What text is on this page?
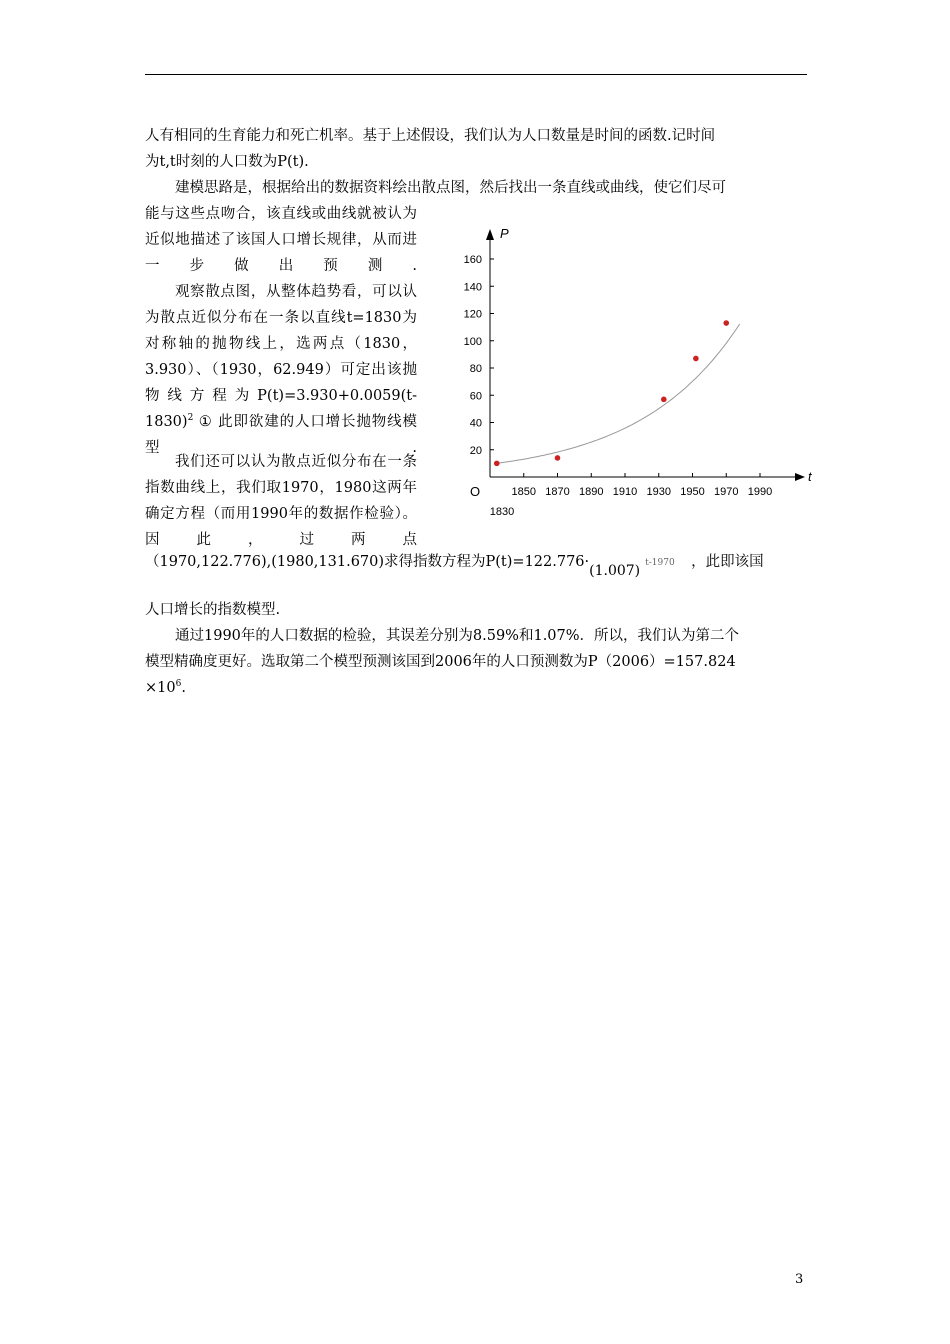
人有相同的生育能力和死亡机率。基于上述假设，我们认为人口数量是时间的函数.记时间

为t,t时刻的人口数为P(t).

建模思路是，根据给出的数据资料绘出散点图，然后找出一条直线或曲线，使它们尽可

能与这些点吻合，该直线或曲线就被认为近似地描述了该国人口增长规律，从而进一步做出预测.

观察散点图，从整体趋势看，可以认为散点近似分布在一条以直线t=1830为对称轴的抛物线上，选两点（1830，3.930）、（1930，62.949）可定出该抛物线方程为$P(t)=3.930+0.0059(t-1830)^2$ ① 此即欲建的人口增长抛物线模型.

我们还可以认为散点近似分布在一条指数曲线上，我们取1970，1980这两年确定方程（而用1990年的数据作检验）。因此，过两点

（1970,122.776),(1980,131.670)求得指数方程为P(t)=122.776·
(1.007) t-1970 ，此即该国

人口增长的指数模型.

通过1990年的人口数据的检验，其误差分别为8.59%和1.07%．所以，我们认为第二个

模型精确度更好。选取第二个模型预测该国到2006年的人口预测数为P（2006）=157.824

$\times 10^6$.

20
40
60
80
100
120
140
160
1850 1870 1890 1910 1930 1950 1970 1990
P
t
O
1830
3
